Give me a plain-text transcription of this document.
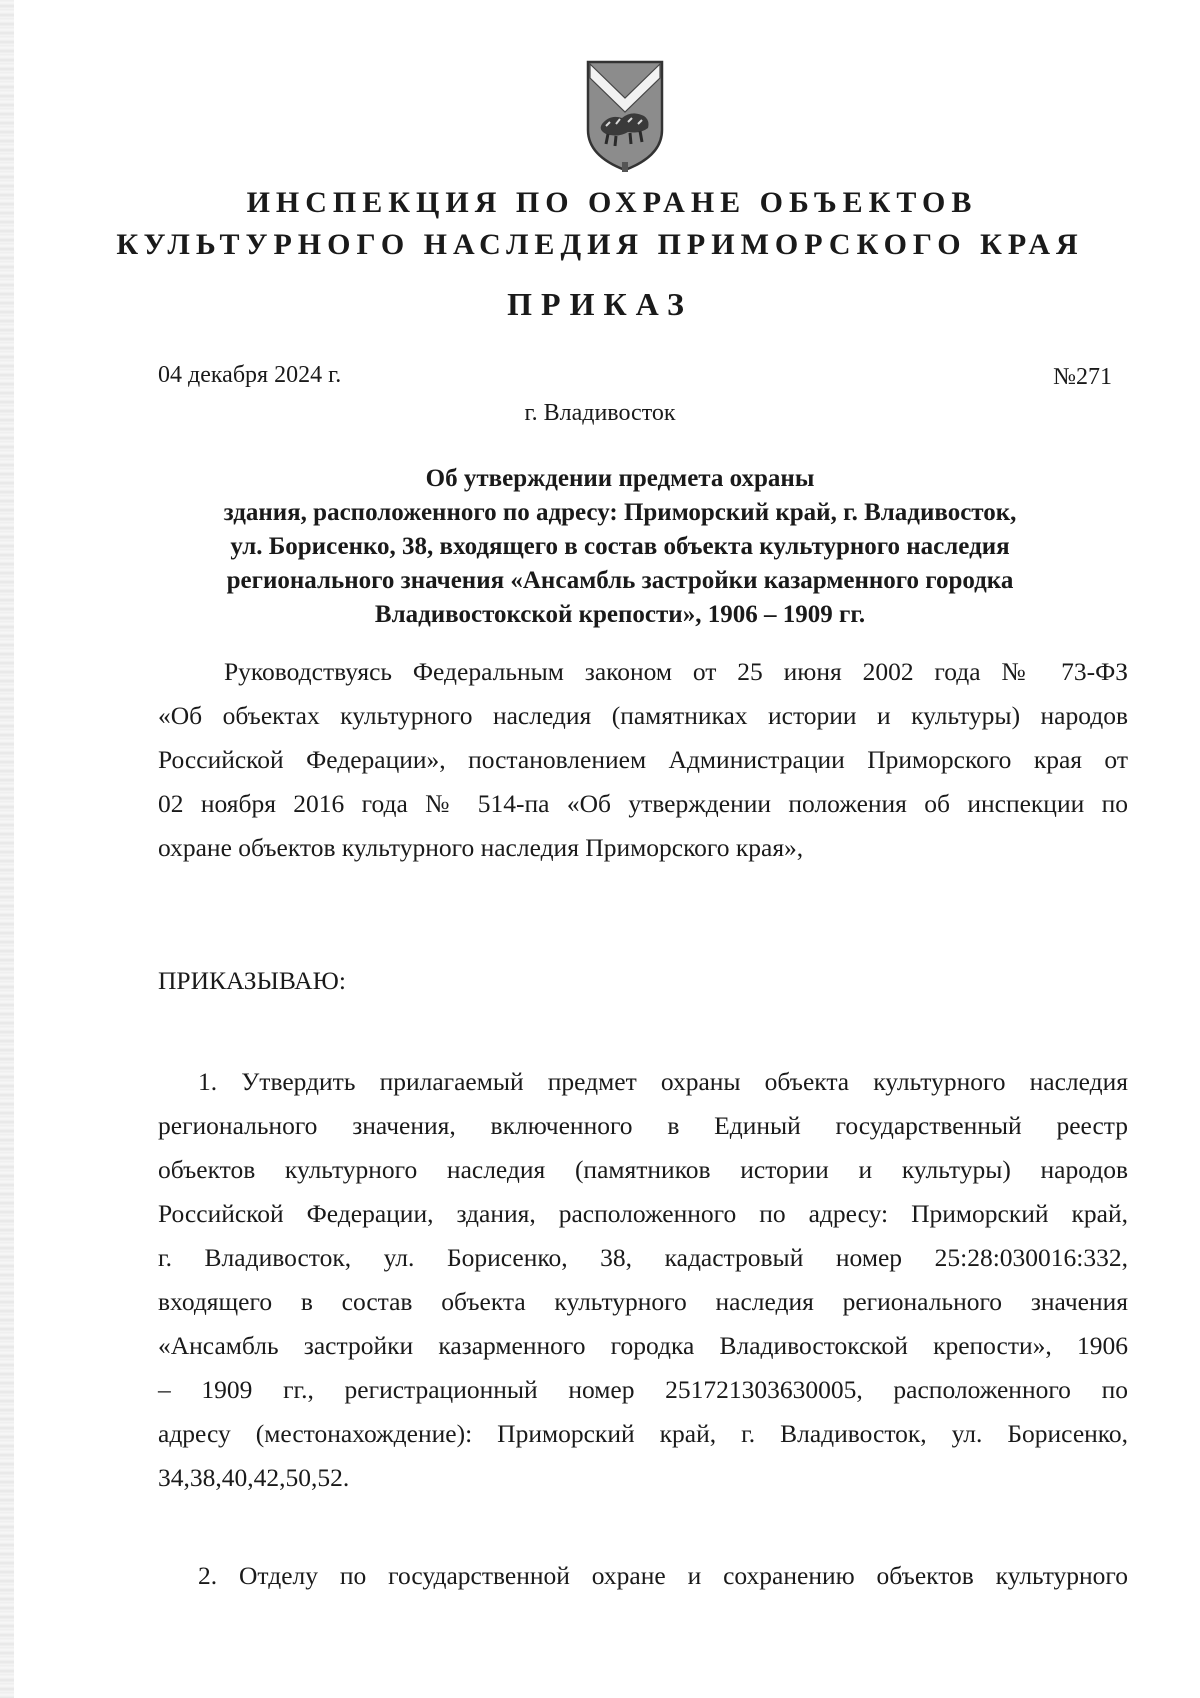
ИНСПЕКЦИЯ ПО ОХРАНЕ ОБЪЕКТОВ
КУЛЬТУРНОГО НАСЛЕДИЯ ПРИМОРСКОГО КРАЯ
ПРИКАЗ
04 декабря 2024 г.	№271
г. Владивосток
Об утверждении предмета охраны
здания, расположенного по адресу: Приморский край, г. Владивосток,
ул. Борисенко, 38, входящего в состав объекта культурного наследия
регионального значения «Ансамбль застройки казарменного городка
Владивостокской крепости», 1906 – 1909 гг.
Руководствуясь Федеральным законом от 25 июня 2002 года № 73-ФЗ
«Об объектах культурного наследия (памятниках истории и культуры) народов
Российской Федерации», постановлением Администрации Приморского края от
02 ноября 2016 года № 514-па «Об утверждении положения об инспекции по
охране объектов культурного наследия Приморского края»,
ПРИКАЗЫВАЮ:
1. Утвердить прилагаемый предмет охраны объекта культурного наследия
регионального значения, включенного в Единый государственный реестр
объектов культурного наследия (памятников истории и культуры) народов
Российской Федерации, здания, расположенного по адресу: Приморский край,
г. Владивосток, ул. Борисенко, 38, кадастровый номер 25:28:030016:332,
входящего в состав объекта культурного наследия регионального значения
«Ансамбль застройки казарменного городка Владивостокской крепости», 1906
– 1909 гг., регистрационный номер 251721303630005, расположенного по
адресу (местонахождение): Приморский край, г. Владивосток, ул. Борисенко,
34,38,40,42,50,52.
2. Отделу по государственной охране и сохранению объектов культурного
